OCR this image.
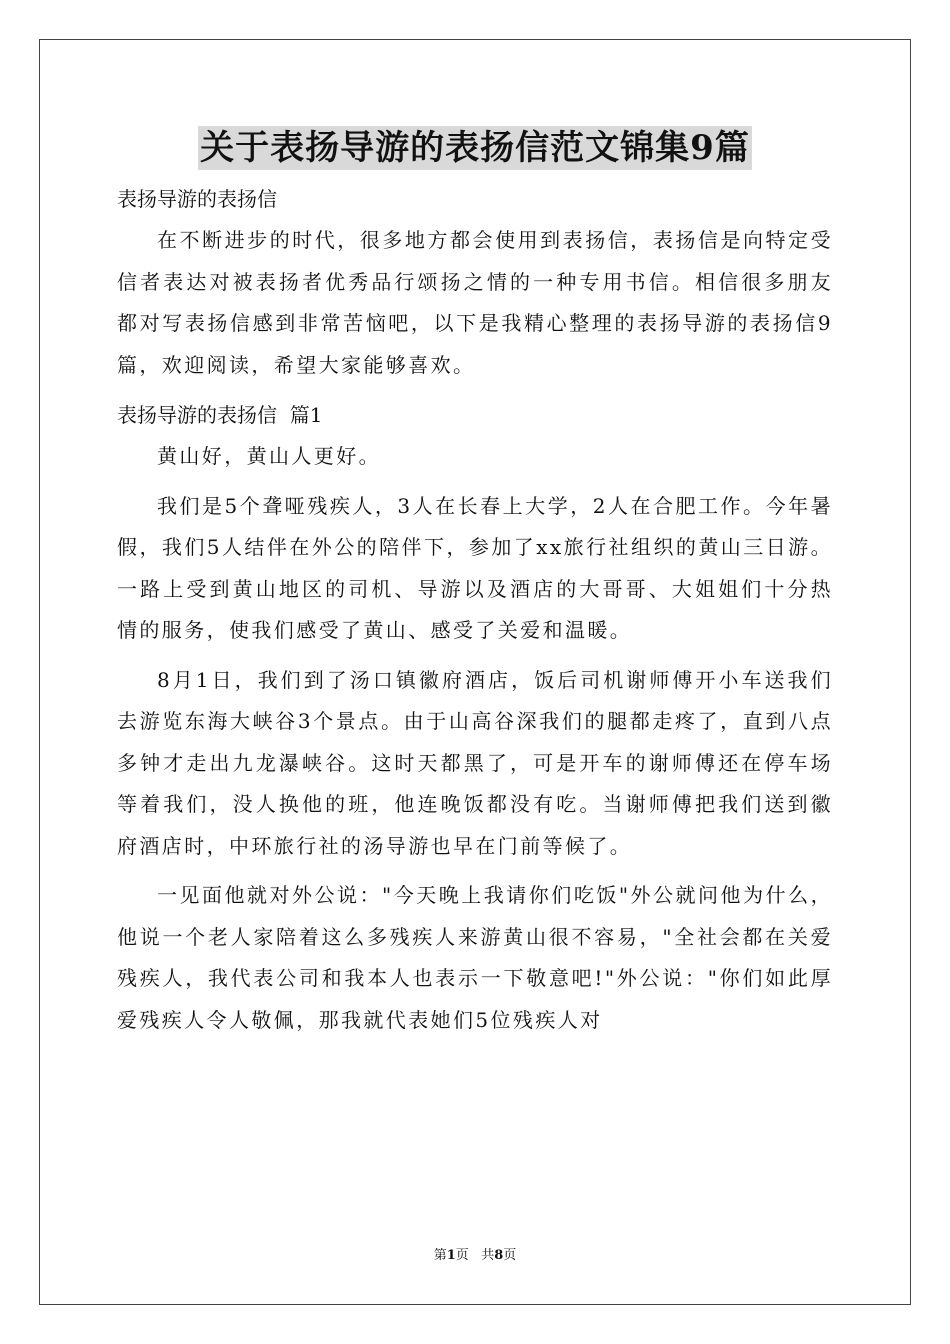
关于表扬导游的表扬信范文锦集9篇

表扬导游的表扬信

在不断进步的时代，很多地方都会使用到表扬信，表扬信是向特定受信者表达对被表扬者优秀品行颂扬之情的一种专用书信。相信很多朋友都对写表扬信感到非常苦恼吧，以下是我精心整理的表扬导游的表扬信9篇，欢迎阅读，希望大家能够喜欢。

表扬导游的表扬信  篇1

黄山好，黄山人更好。

我们是5个聋哑残疾人，3人在长春上大学，2人在合肥工作。今年暑假，我们5人结伴在外公的陪伴下，参加了xx旅行社组织的黄山三日游。一路上受到黄山地区的司机、导游以及酒店的大哥哥、大姐姐们十分热情的服务，使我们感受了黄山、感受了关爱和温暖。

8月1日，我们到了汤口镇徽府酒店，饭后司机谢师傅开小车送我们去游览东海大峡谷3个景点。由于山高谷深我们的腿都走疼了，直到八点多钟才走出九龙瀑峡谷。这时天都黑了，可是开车的谢师傅还在停车场等着我们，没人换他的班，他连晚饭都没有吃。当谢师傅把我们送到徽府酒店时，中环旅行社的汤导游也早在门前等候了。

一见面他就对外公说："今天晚上我请你们吃饭"外公就问他为什么，他说一个老人家陪着这么多残疾人来游黄山很不容易，"全社会都在关爱残疾人，我代表公司和我本人也表示一下敬意吧!"外公说："你们如此厚爱残疾人令人敬佩，那我就代表她们5位残疾人对

第1页 共8页
